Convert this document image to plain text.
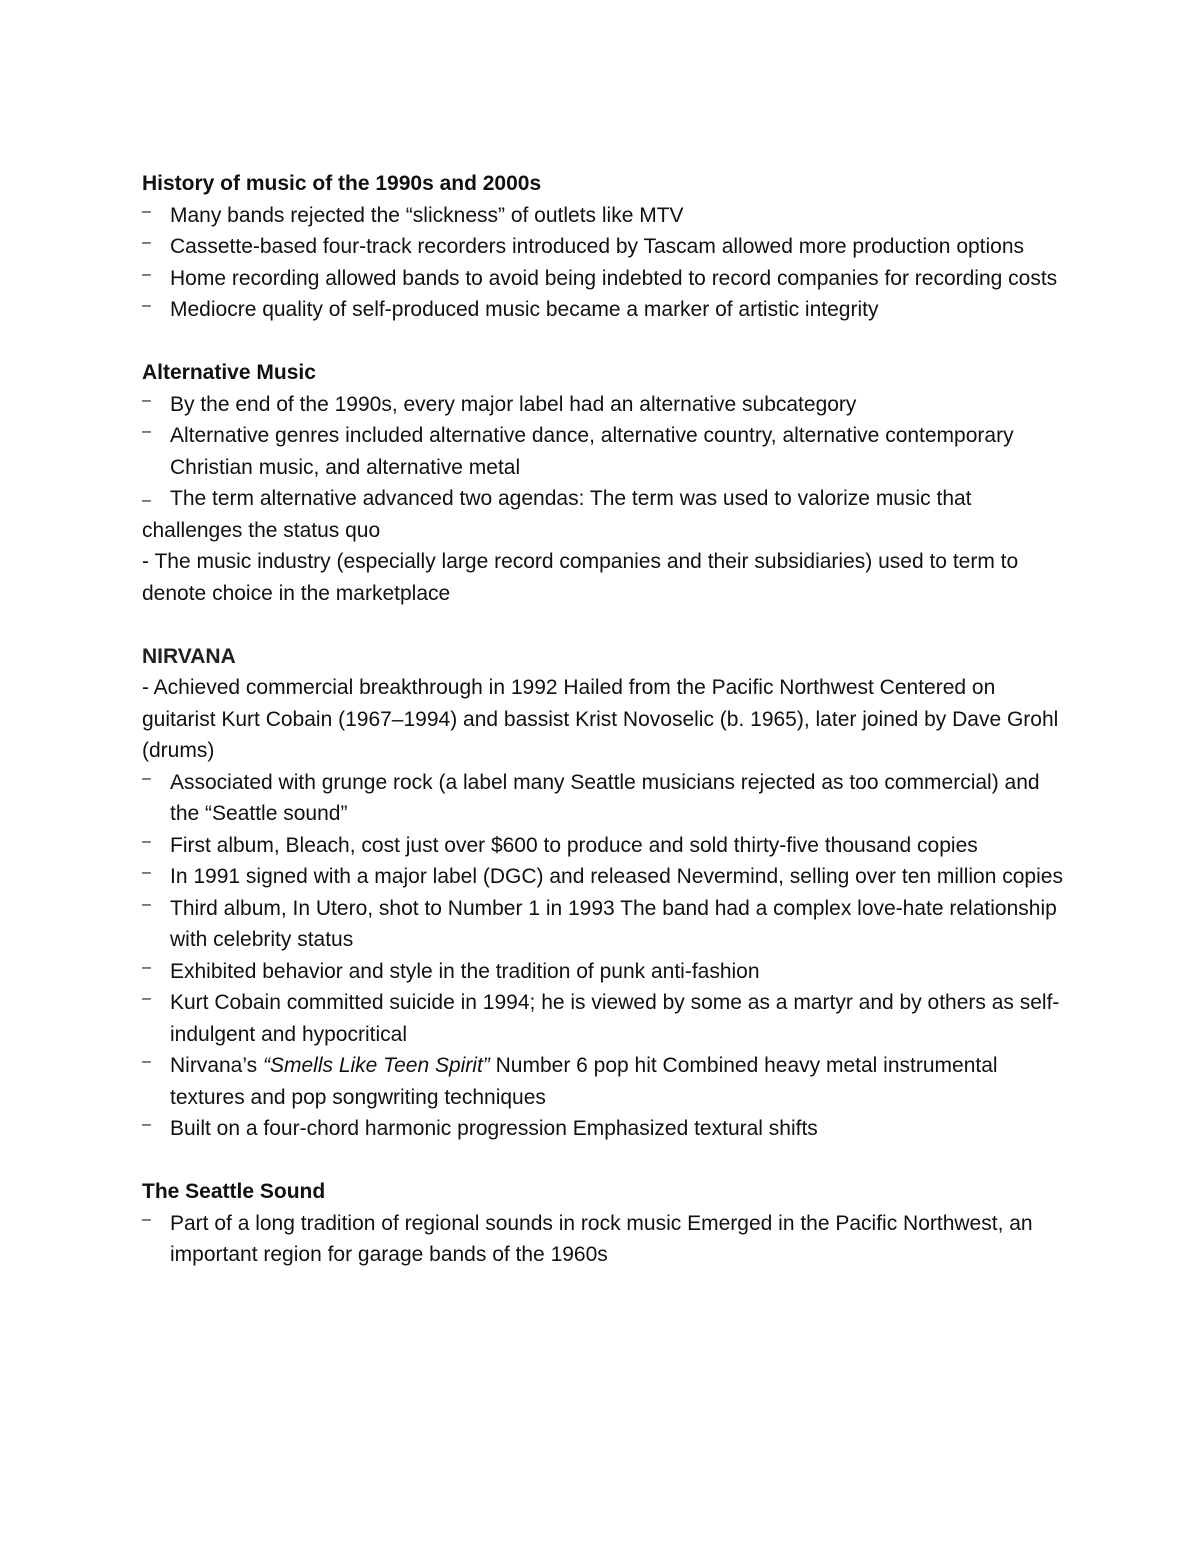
History of music of the 1990s and 2000s

– Many bands rejected the “slickness” of outlets like MTV
– Cassette-based four-track recorders introduced by Tascam allowed more production options
– Home recording allowed bands to avoid being indebted to record companies for recording costs
– Mediocre quality of self-produced music became a marker of artistic integrity

Alternative Music

– By the end of the 1990s, every major label had an alternative subcategory
– Alternative genres included alternative dance, alternative country, alternative contemporary Christian music, and alternative metal
– The term alternative advanced two agendas: The term was used to valorize music that challenges the status quo

- The music industry (especially large record companies and their subsidiaries) used to term to denote choice in the marketplace

NIRVANA

- Achieved commercial breakthrough in 1992 Hailed from the Pacific Northwest Centered on guitarist Kurt Cobain (1967–1994) and bassist Krist Novoselic (b. 1965), later joined by Dave Grohl (drums)

– Associated with grunge rock (a label many Seattle musicians rejected as too commercial) and the “Seattle sound”
– First album, Bleach, cost just over $600 to produce and sold thirty-five thousand copies
– In 1991 signed with a major label (DGC) and released Nevermind, selling over ten million copies
– Third album, In Utero, shot to Number 1 in 1993 The band had a complex love-hate relationship with celebrity status
– Exhibited behavior and style in the tradition of punk anti-fashion
– Kurt Cobain committed suicide in 1994; he is viewed by some as a martyr and by others as self-indulgent and hypocritical
– Nirvana’s “Smells Like Teen Spirit” Number 6 pop hit Combined heavy metal instrumental textures and pop songwriting techniques
– Built on a four-chord harmonic progression Emphasized textural shifts

The Seattle Sound

– Part of a long tradition of regional sounds in rock music Emerged in the Pacific Northwest, an important region for garage bands of the 1960s
